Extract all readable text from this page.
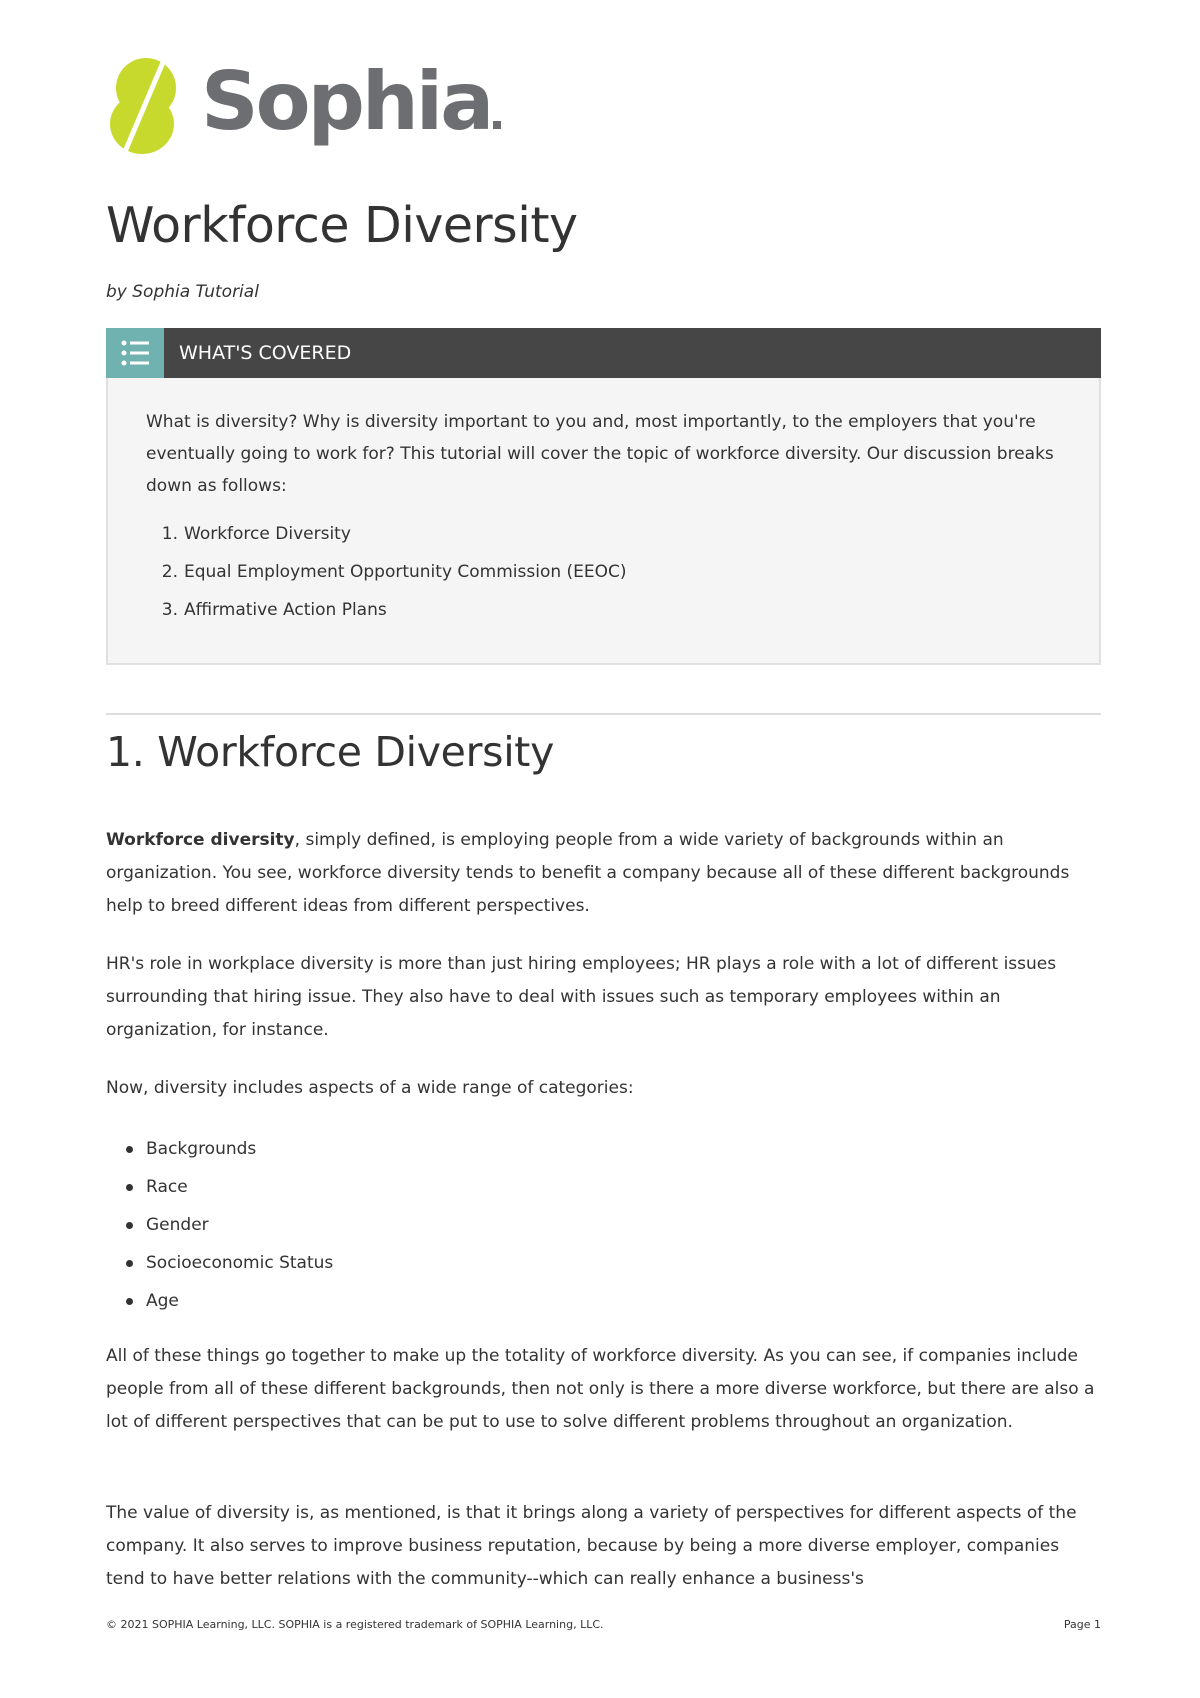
Sophia
Workforce Diversity
by Sophia Tutorial
WHAT'S COVERED

What is diversity? Why is diversity important to you and, most importantly, to the employers that you're eventually going to work for? This tutorial will cover the topic of workforce diversity. Our discussion breaks down as follows:

1. Workforce Diversity
2. Equal Employment Opportunity Commission (EEOC)
3. Affirmative Action Plans
1. Workforce Diversity

Workforce diversity, simply defined, is employing people from a wide variety of backgrounds within an organization. You see, workforce diversity tends to benefit a company because all of these different backgrounds help to breed different ideas from different perspectives.

HR's role in workplace diversity is more than just hiring employees; HR plays a role with a lot of different issues surrounding that hiring issue. They also have to deal with issues such as temporary employees within an organization, for instance.

Now, diversity includes aspects of a wide range of categories:

Backgrounds
Race
Gender
Socioeconomic Status
Age

All of these things go together to make up the totality of workforce diversity. As you can see, if companies include people from all of these different backgrounds, then not only is there a more diverse workforce, but there are also a lot of different perspectives that can be put to use to solve different problems throughout an organization.

The value of diversity is, as mentioned, is that it brings along a variety of perspectives for different aspects of the company. It also serves to improve business reputation, because by being a more diverse employer, companies tend to have better relations with the community--which can really enhance a business's

© 2021 SOPHIA Learning, LLC. SOPHIA is a registered trademark of SOPHIA Learning, LLC.	Page 1
